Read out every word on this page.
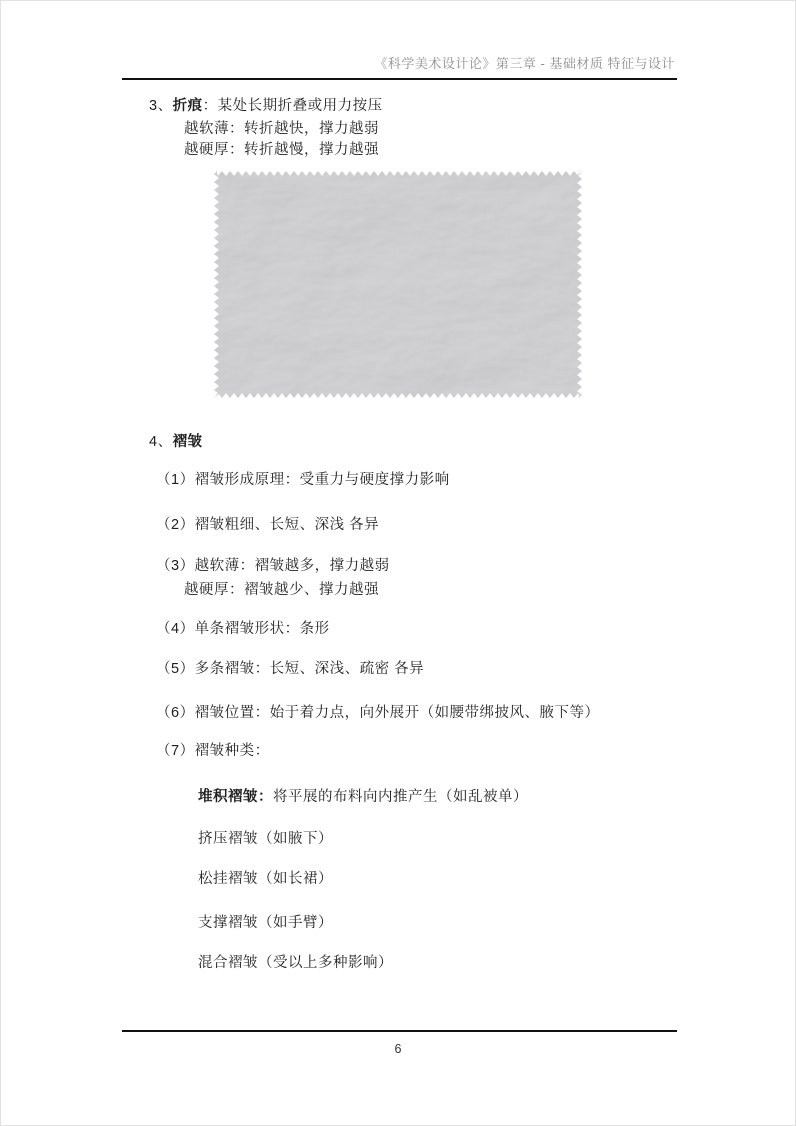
《科学美术设计论》第三章 - 基础材质 特征与设计
3、折痕：某处长期折叠或用力按压
越软薄：转折越快，撑力越弱
越硬厚：转折越慢，撑力越强
4、褶皱
（1）褶皱形成原理：受重力与硬度撑力影响
（2）褶皱粗细、长短、深浅 各异
（3）越软薄：褶皱越多，撑力越弱
越硬厚：褶皱越少、撑力越强
（4）单条褶皱形状：条形
（5）多条褶皱：长短、深浅、疏密 各异
（6）褶皱位置：始于着力点，向外展开（如腰带绑披风、腋下等）
（7）褶皱种类：
堆积褶皱：将平展的布料向内推产生（如乱被单）
挤压褶皱（如腋下）
松挂褶皱（如长裙）
支撑褶皱（如手臂）
混合褶皱（受以上多种影响）
6
